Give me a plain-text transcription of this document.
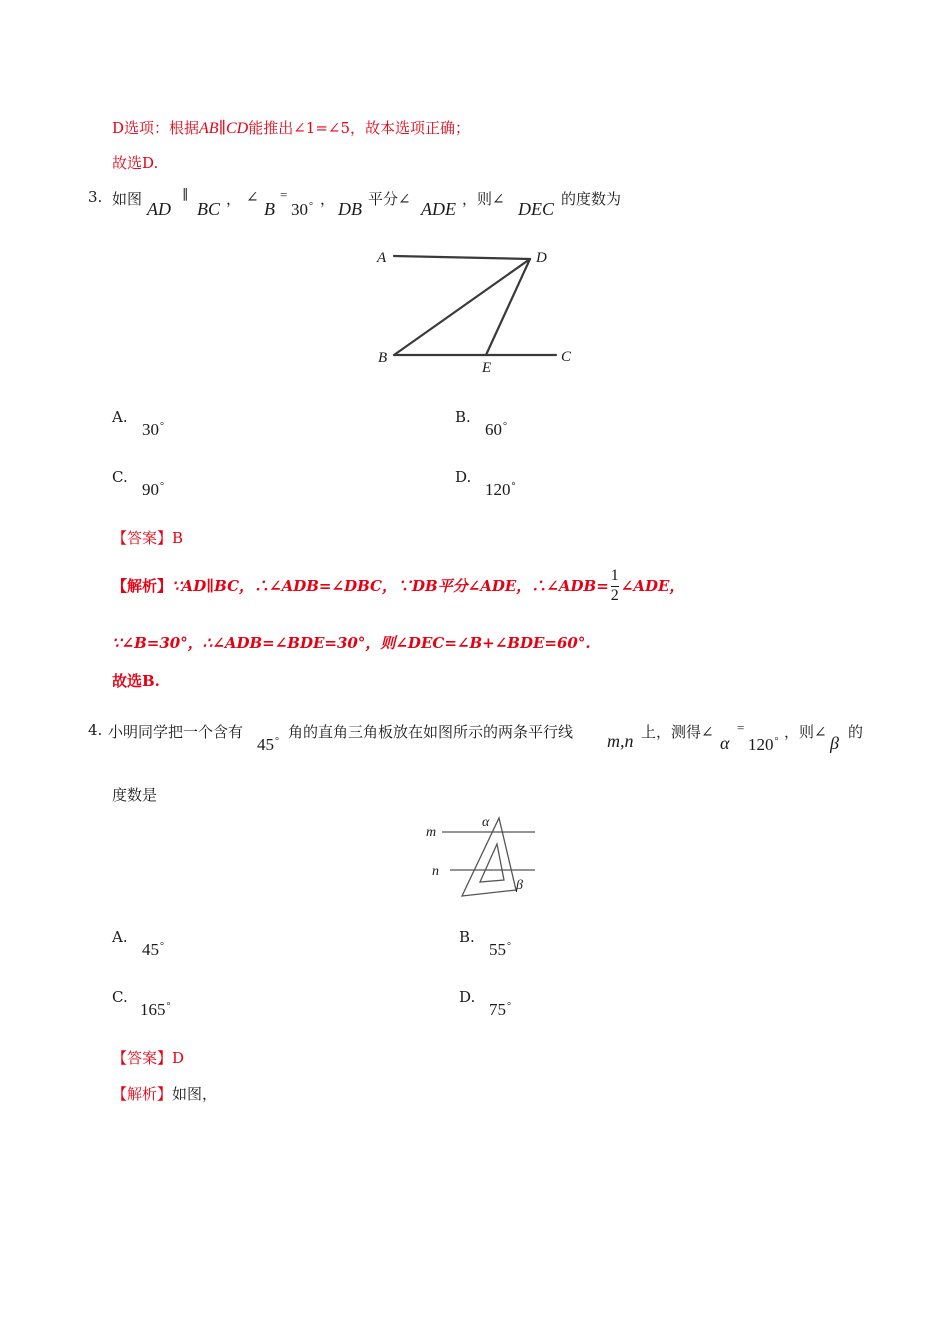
D选项：根据AB∥CD能推出∠1=∠5，故本选项正确；
故选D.
3. 如图 AD
∥
BC ， ∠
B
=
30° ， DB 平分∠ ADE ，则∠ DEC 的度数为
A	D
B
E
C
A.
30°
B.
60°
C.
90°
D.
120°
【答案】B
【解析】∵AD∥BC，∴∠ADB=∠DBC，∵DB平分∠ADE，∴∠ADB= $\frac{1}{2}$ ∠ADE，
∵∠B=30°，∴∠ADB=∠BDE=30°，则∠DEC=∠B+∠BDE=60°.
故选B.
4. 小明同学把一个含有
45°
角的直角三角板放在如图所示的两条平行线 m,n 上，测得∠
α
=
120°
，则∠
β
的
度数是
m
n
α
β
A.
45°
B.
55°
C.
165°
D.
75°
【答案】D
【解析】如图，
